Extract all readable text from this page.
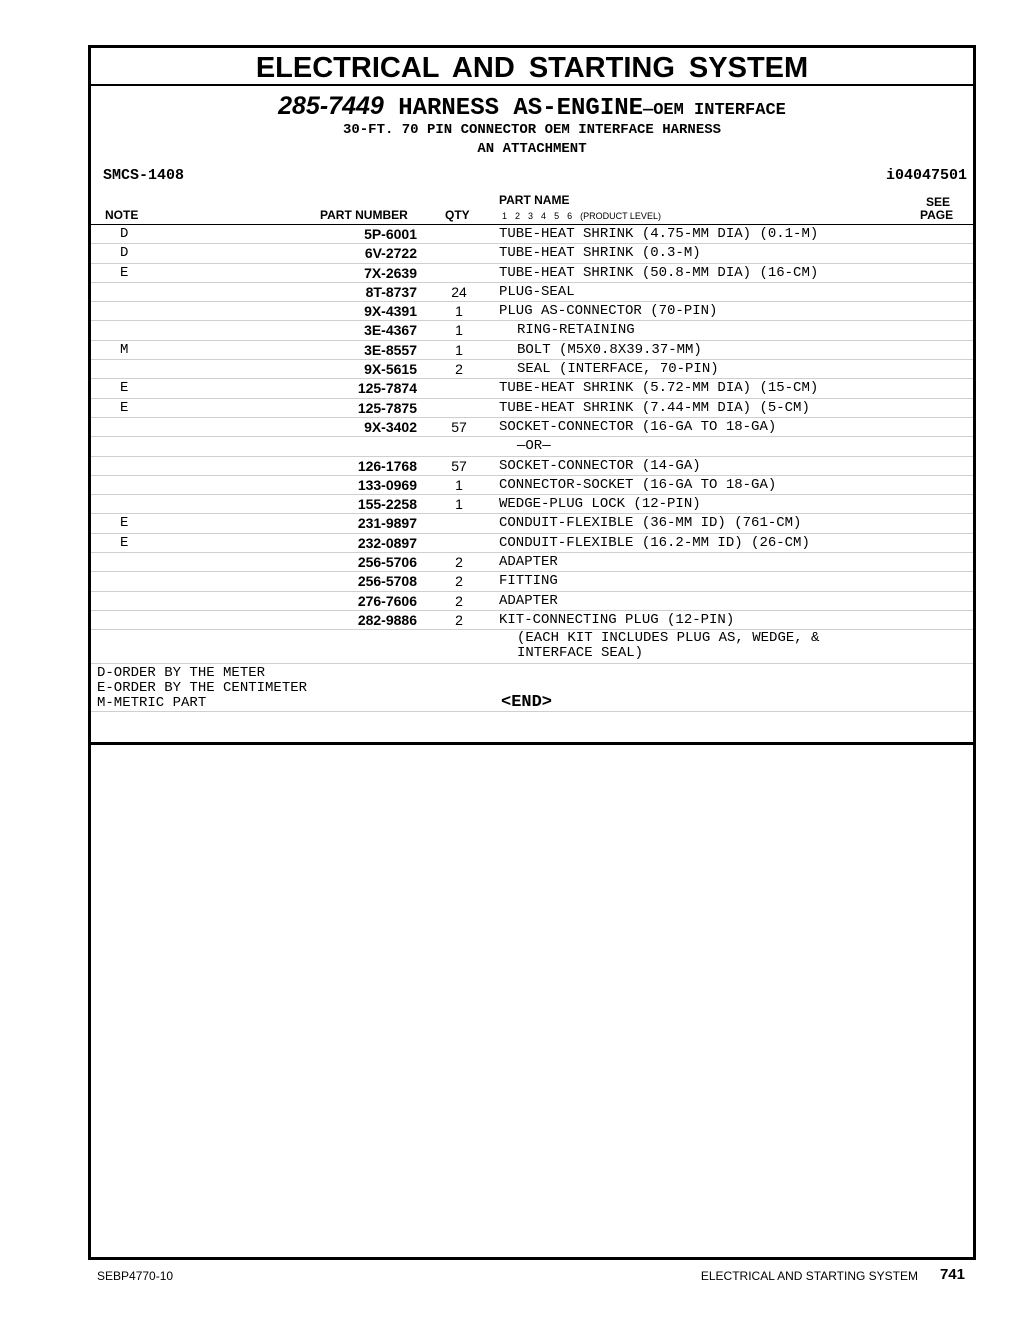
ELECTRICAL AND STARTING SYSTEM
285-7449 HARNESS AS-ENGINE—OEM INTERFACE
30-FT. 70 PIN CONNECTOR OEM INTERFACE HARNESS
AN ATTACHMENT
SMCS-1408	i04047501
NOTE	PART NUMBER	QTY
PART NAME
1 2 3 4 5 6 (PRODUCT LEVEL)
SEE
PAGE
D	5P-6001	TUBE-HEAT SHRINK (4.75-MM DIA) (0.1-M)
D	6V-2722	TUBE-HEAT SHRINK (0.3-M)
E	7X-2639	TUBE-HEAT SHRINK (50.8-MM DIA) (16-CM)
8T-8737	24	PLUG-SEAL
9X-4391	1	PLUG AS-CONNECTOR (70-PIN)
3E-4367	1	RING-RETAINING
M	3E-8557	1	BOLT (M5X0.8X39.37-MM)
9X-5615	2	SEAL (INTERFACE, 70-PIN)
E	125-7874	TUBE-HEAT SHRINK (5.72-MM DIA) (15-CM)
E	125-7875	TUBE-HEAT SHRINK (7.44-MM DIA) (5-CM)
9X-3402	57	SOCKET-CONNECTOR (16-GA TO 18-GA)
—OR—
126-1768	57	SOCKET-CONNECTOR (14-GA)
133-0969	1	CONNECTOR-SOCKET (16-GA TO 18-GA)
155-2258	1	WEDGE-PLUG LOCK (12-PIN)
E	231-9897	CONDUIT-FLEXIBLE (36-MM ID) (761-CM)
E	232-0897	CONDUIT-FLEXIBLE (16.2-MM ID) (26-CM)
256-5706	2	ADAPTER
256-5708	2	FITTING
276-7606	2	ADAPTER
282-9886	2	KIT-CONNECTING PLUG (12-PIN)
(EACH KIT INCLUDES PLUG AS, WEDGE, &
INTERFACE SEAL)
D-ORDER BY THE METER
E-ORDER BY THE CENTIMETER
M-METRIC PART	<END>
SEBP4770-10	ELECTRICAL AND STARTING SYSTEM 741
